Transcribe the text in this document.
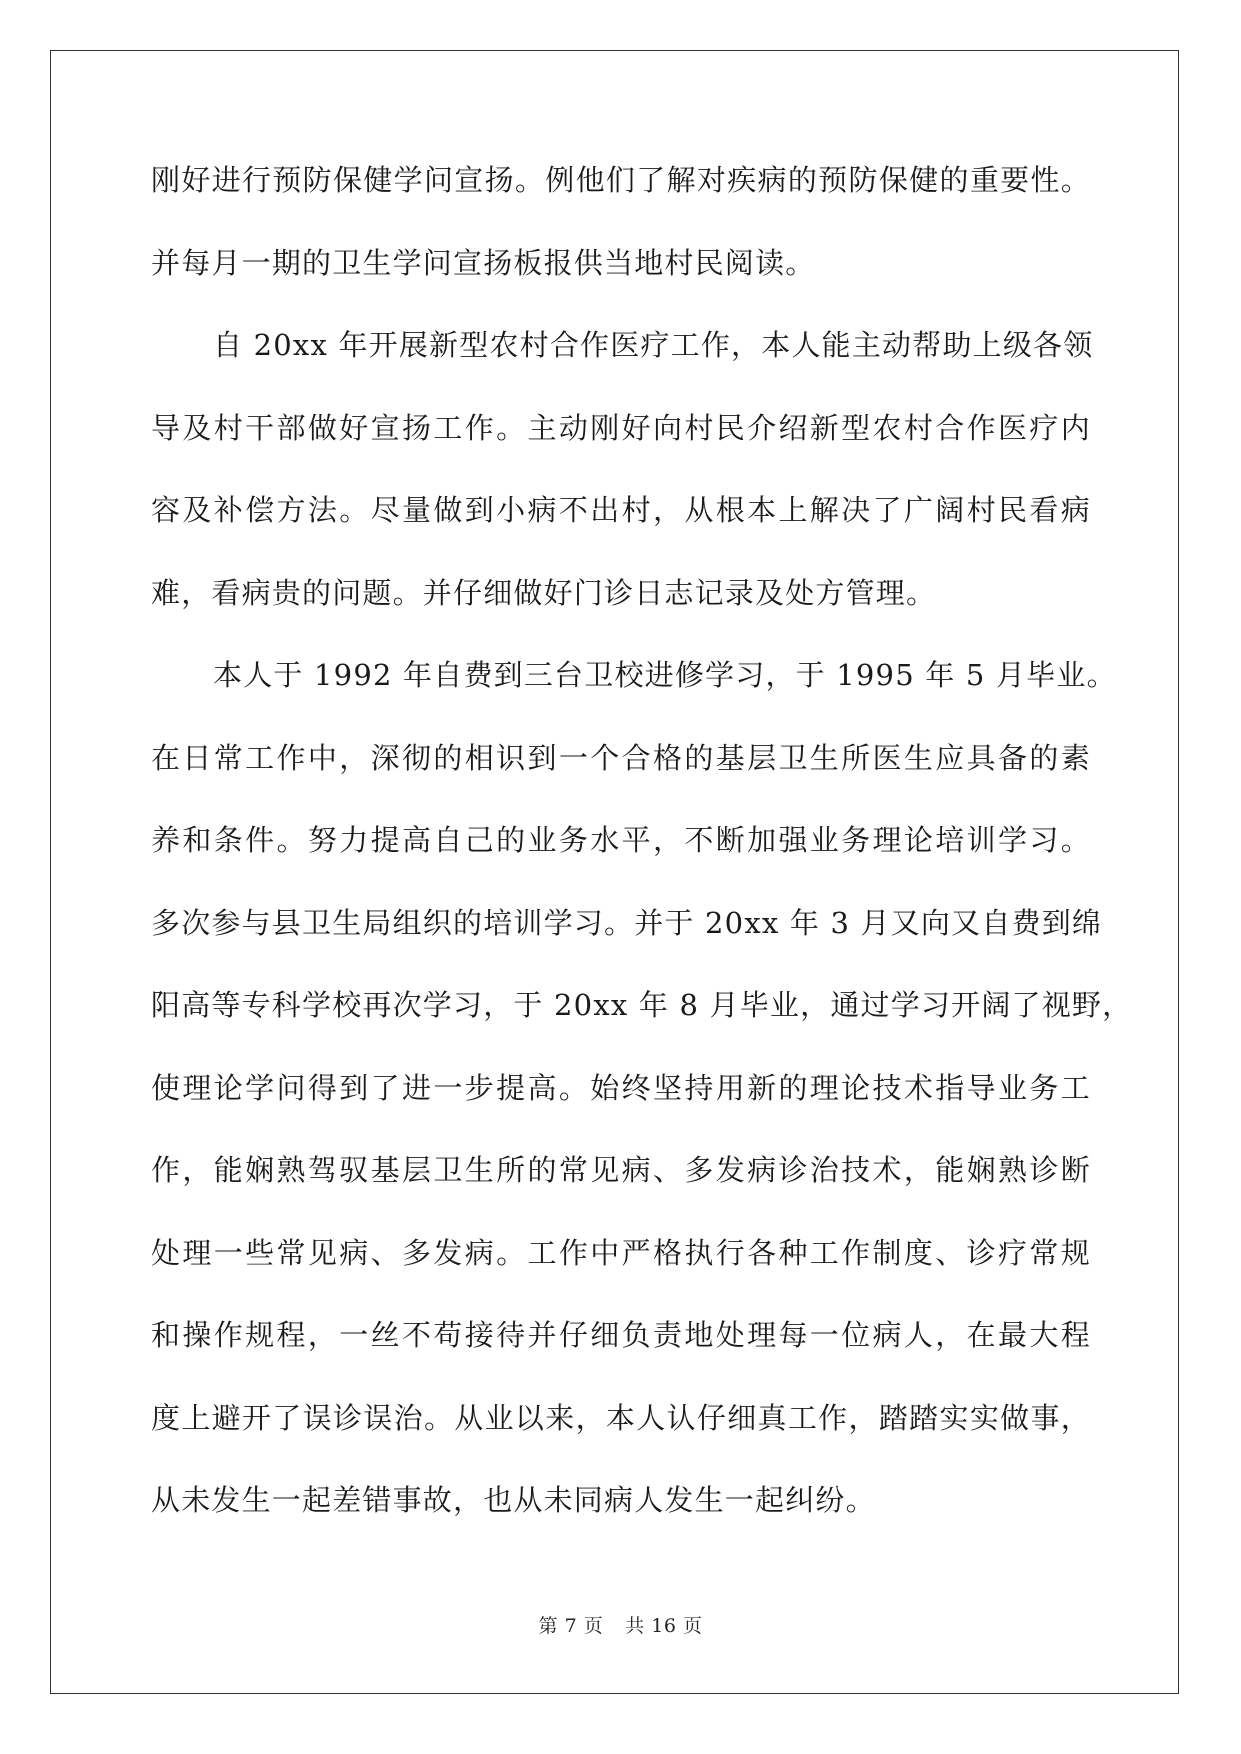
刚好进行预防保健学问宣扬。例他们了解对疾病的预防保健的重要性。
并每月一期的卫生学问宣扬板报供当地村民阅读。
自 20xx 年开展新型农村合作医疗工作，本人能主动帮助上级各领
导及村干部做好宣扬工作。主动刚好向村民介绍新型农村合作医疗内
容及补偿方法。尽量做到小病不出村，从根本上解决了广阔村民看病
难，看病贵的问题。并仔细做好门诊日志记录及处方管理。
本人于 1992 年自费到三台卫校进修学习，于 1995 年 5 月毕业。
在日常工作中，深彻的相识到一个合格的基层卫生所医生应具备的素
养和条件。努力提高自己的业务水平，不断加强业务理论培训学习。
多次参与县卫生局组织的培训学习。并于 20xx 年 3 月又向又自费到绵
阳高等专科学校再次学习，于 20xx 年 8 月毕业，通过学习开阔了视野，
使理论学问得到了进一步提高。始终坚持用新的理论技术指导业务工
作，能娴熟驾驭基层卫生所的常见病、多发病诊治技术，能娴熟诊断
处理一些常见病、多发病。工作中严格执行各种工作制度、诊疗常规
和操作规程，一丝不苟接待并仔细负责地处理每一位病人，在最大程
度上避开了误诊误治。从业以来，本人认仔细真工作，踏踏实实做事，
从未发生一起差错事故，也从未同病人发生一起纠纷。
第 7 页 共 16 页
